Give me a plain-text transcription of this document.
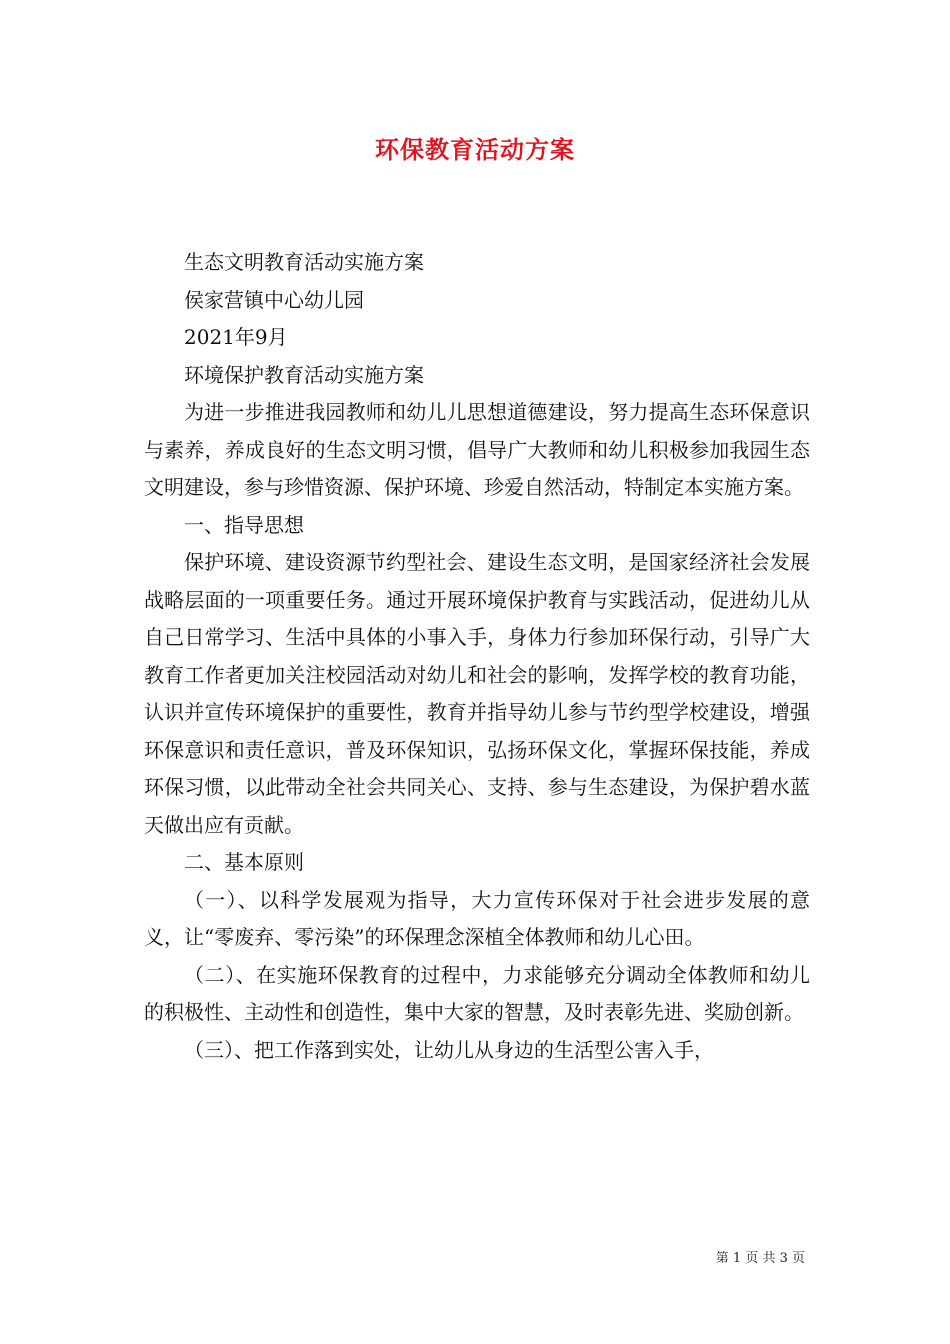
环保教育活动方案

生态文明教育活动实施方案

侯家营镇中心幼儿园

2021年9月

环境保护教育活动实施方案

为进一步推进我园教师和幼儿儿思想道德建设，努力提高生态环保意识与素养，养成良好的生态文明习惯，倡导广大教师和幼儿积极参加我园生态文明建设，参与珍惜资源、保护环境、珍爱自然活动，特制定本实施方案。

一、指导思想

保护环境、建设资源节约型社会、建设生态文明，是国家经济社会发展战略层面的一项重要任务。通过开展环境保护教育与实践活动，促进幼儿从自己日常学习、生活中具体的小事入手，身体力行参加环保行动，引导广大教育工作者更加关注校园活动对幼儿和社会的影响，发挥学校的教育功能，认识并宣传环境保护的重要性，教育并指导幼儿参与节约型学校建设，增强环保意识和责任意识，普及环保知识，弘扬环保文化，掌握环保技能，养成环保习惯，以此带动全社会共同关心、支持、参与生态建设，为保护碧水蓝天做出应有贡献。

二、基本原则

（一）、以科学发展观为指导，大力宣传环保对于社会进步发展的意义，让“零废弃、零污染”的环保理念深植全体教师和幼儿心田。

（二）、在实施环保教育的过程中，力求能够充分调动全体教师和幼儿的积极性、主动性和创造性，集中大家的智慧，及时表彰先进、奖励创新。

（三）、把工作落到实处，让幼儿从身边的生活型公害入手，

第 1 页 共 3 页
